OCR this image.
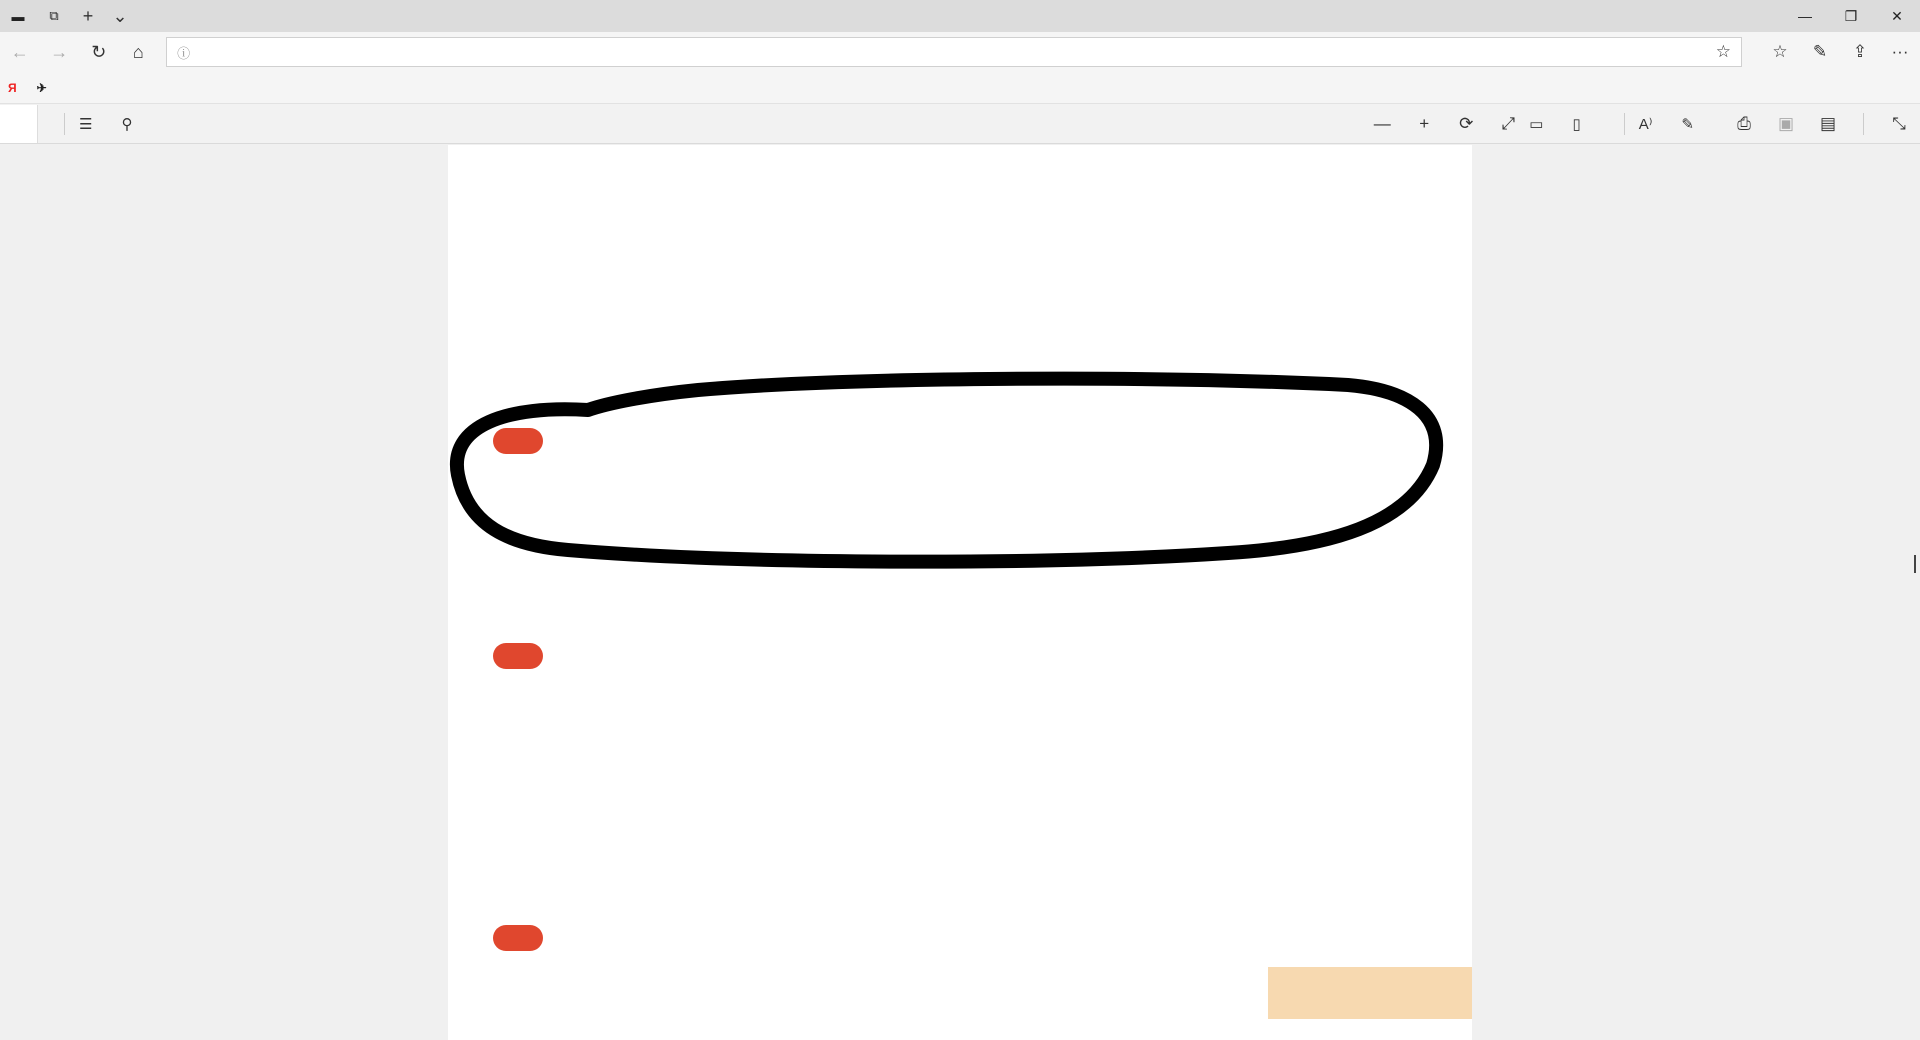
▬	⧉	+	⌄	—	❐	✕
←	→	↻	⌂	ⓘ	☆	☆	✎	⇪	···
Я ✈
☰ ⚲	—	+	⟳	⤢ ▭ ▯	A⁾ ✎	⎙	▣	▤	⤡
